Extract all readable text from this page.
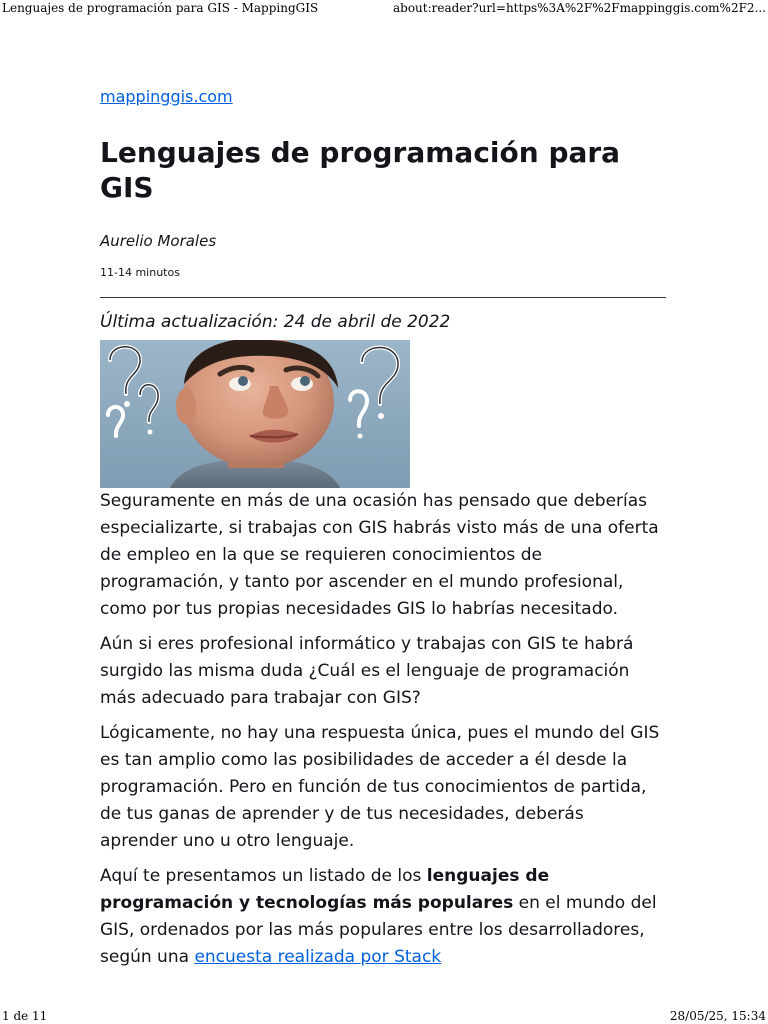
Lenguajes de programación para GIS - MappingGIS	about:reader?url=https%3A%2F%2Fmappinggis.com%2F2...
mappinggis.com
Lenguajes de programación para GIS
Aurelio Morales
11-14 minutos
Última actualización: 24 de abril de 2022

Seguramente en más de una ocasión has pensado que deberías especializarte, si trabajas con GIS habrás visto más de una oferta de empleo en la que se requieren conocimientos de programación, y tanto por ascender en el mundo profesional, como por tus propias necesidades GIS lo habrías necesitado.

Aún si eres profesional informático y trabajas con GIS te habrá surgido las misma duda ¿Cuál es el lenguaje de programación más adecuado para trabajar con GIS?

Lógicamente, no hay una respuesta única, pues el mundo del GIS es tan amplio como las posibilidades de acceder a él desde la programación. Pero en función de tus conocimientos de partida, de tus ganas de aprender y de tus necesidades, deberás aprender uno u otro lenguaje.

Aquí te presentamos un listado de los lenguajes de programación y tecnologías más populares en el mundo del GIS, ordenados por las más populares entre los desarrolladores, según una encuesta realizada por Stack

1 de 11	28/05/25, 15:34
